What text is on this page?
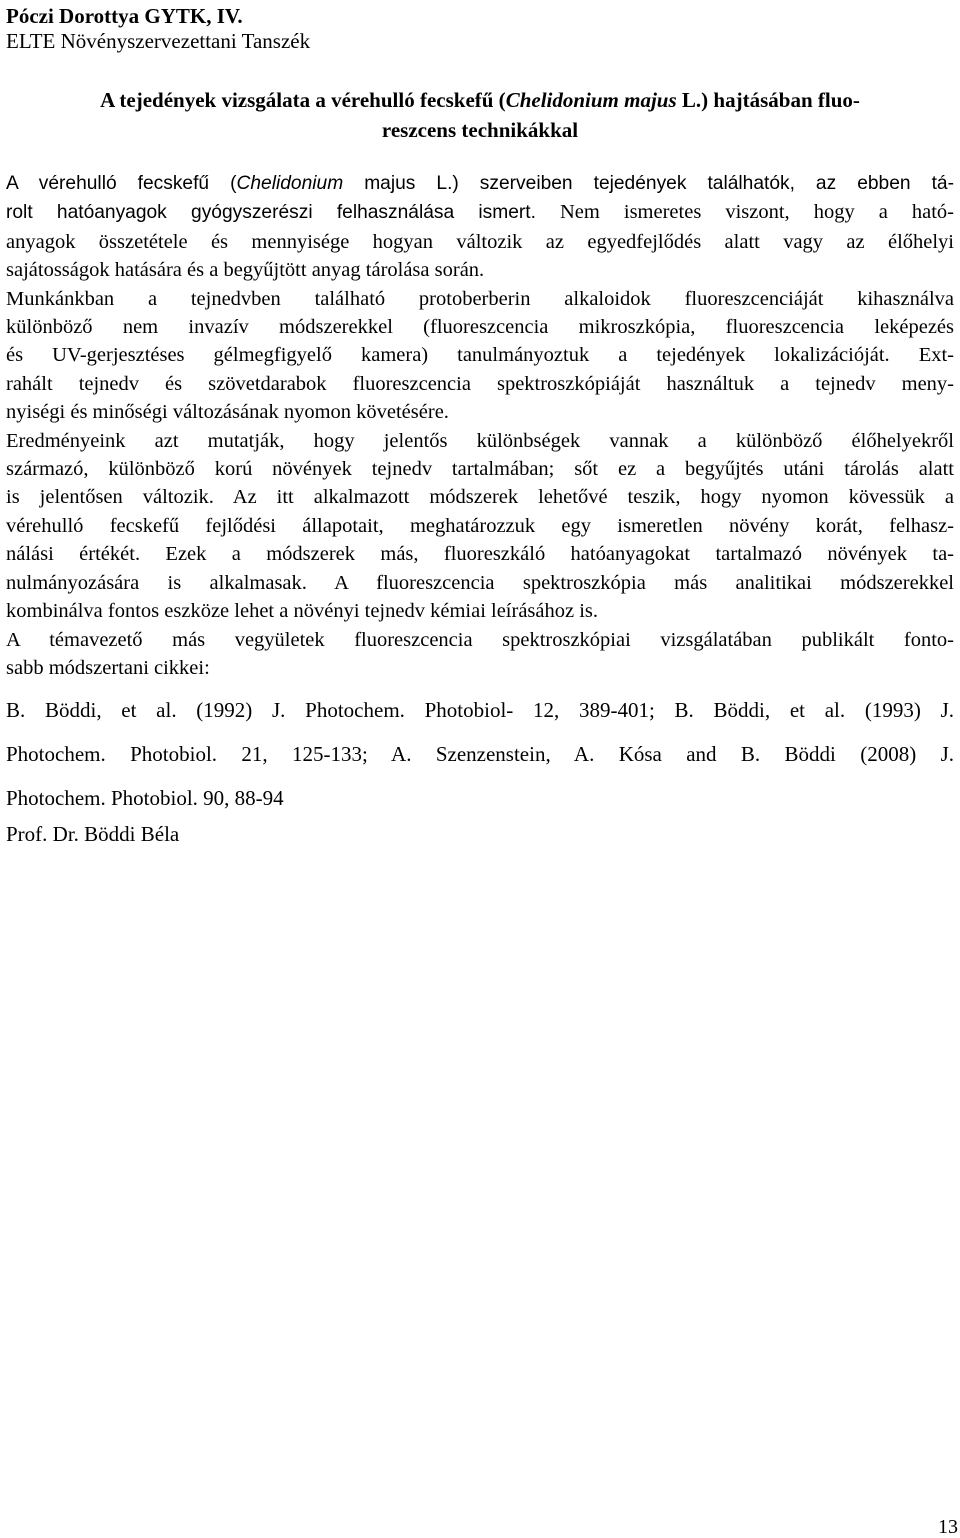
Póczi Dorottya GYTK, IV.
ELTE Növényszervezettani Tanszék
A tejedények vizsgálata a vérehulló fecskefű (Chelidonium majus L.) hajtásában fluo-
reszcens technikákkal

A vérehulló fecskefű (Chelidonium majus L.) szerveiben tejedények találhatók, az ebben tá-
rolt hatóanyagok gyógyszerészi felhasználása ismert. Nem ismeretes viszont, hogy a ható-
anyagok összetétele és mennyisége hogyan változik az egyedfejlődés alatt vagy az élőhelyi
sajátosságok hatására és a begyűjtött anyag tárolása során.

Munkánkban a tejnedvben található protoberberin alkaloidok fluoreszcenciáját kihasználva
különböző nem invazív módszerekkel (fluoreszcencia mikroszkópia, fluoreszcencia leképezés
és UV-gerjesztéses gélmegfigyelő kamera) tanulmányoztuk a tejedények lokalizációját. Ext-
rahált tejnedv és szövetdarabok fluoreszcencia spektroszkópiáját használtuk a tejnedv meny-
nyiségi és minőségi változásának nyomon követésére.

Eredményeink azt mutatják, hogy jelentős különbségek vannak a különböző élőhelyekről
származó, különböző korú növények tejnedv tartalmában; sőt ez a begyűjtés utáni tárolás alatt
is jelentősen változik. Az itt alkalmazott módszerek lehetővé teszik, hogy nyomon kövessük a
vérehulló fecskefű fejlődési állapotait, meghatározzuk egy ismeretlen növény korát, felhasz-
nálási értékét. Ezek a módszerek más, fluoreszkáló hatóanyagokat tartalmazó növények ta-
nulmányozására is alkalmasak. A fluoreszcencia spektroszkópia más analitikai módszerekkel
kombinálva fontos eszköze lehet a növényi tejnedv kémiai leírásához is.

A témavezető más vegyületek fluoreszcencia spektroszkópiai vizsgálatában publikált fonto-
sabb módszertani cikkei:

B. Böddi, et al. (1992) J. Photochem. Photobiol- 12, 389-401; B. Böddi, et al. (1993) J.
Photochem. Photobiol. 21, 125-133; A. Szenzenstein, A. Kósa and B. Böddi (2008) J.
Photochem. Photobiol. 90, 88-94
Prof. Dr. Böddi Béla
13
